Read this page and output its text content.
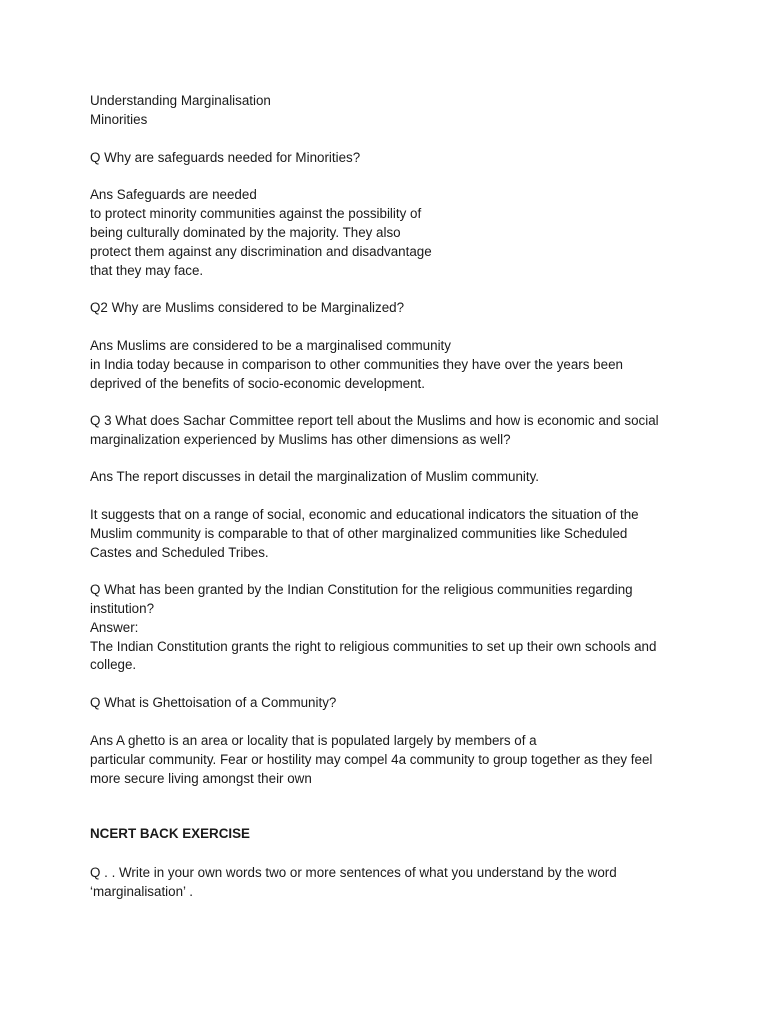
Understanding Marginalisation

Minorities

Q Why are safeguards needed for Minorities?

Ans Safeguards are needed

to protect minority communities against the possibility of

being culturally dominated by the majority. They also

protect them against any discrimination and disadvantage

that they may face.

Q2 Why are Muslims considered to be Marginalized?

Ans Muslims are considered to be a marginalised community

in India today because in comparison to other communities they have over the years been

deprived of the benefits of socio-economic development.

Q 3 What does Sachar Committee report tell about the Muslims and how is economic and social

marginalization experienced by Muslims has other dimensions as well?

Ans The report discusses in detail the marginalization of Muslim community.

It suggests that on a range of social, economic and educational indicators the situation of the

Muslim community is comparable to that of other marginalized communities like Scheduled

Castes and Scheduled Tribes.

Q What has been granted by the Indian Constitution for the religious communities regarding

institution?

Answer:

The Indian Constitution grants the right to religious communities to set up their own schools and

college.

Q What is Ghettoisation of a Community?

Ans A ghetto is an area or locality that is populated largely by members of a

particular community. Fear or hostility may compel 4a community to group together as they feel

more secure living amongst their own

NCERT BACK EXERCISE

Q . . Write in your own words two or more sentences of what you understand by the word

‘marginalisation’ .
